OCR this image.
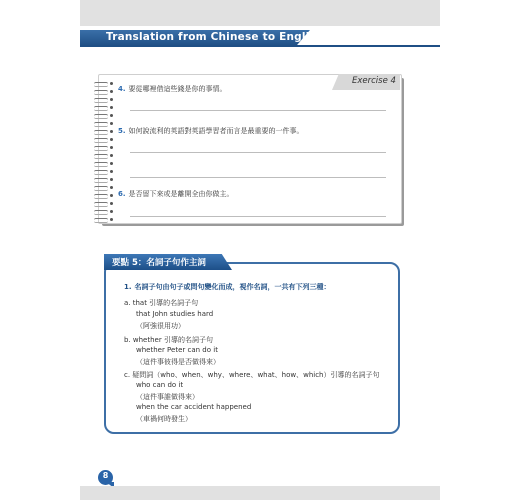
Translation from Chinese to English
Exercise 4
4. 要從哪裡借這些錢是你的事情。
5. 如何說流利的英語對英語學習者而言是最重要的一件事。
6. 是否留下來或是離開全由你做主。
要點 5：名詞子句作主詞
1. 名詞子句由句子或問句變化而成，視作名詞，一共有下列三種：
a. that 引導的名詞子句
that John studies hard
（阿強很用功）
b. whether 引導的名詞子句
whether Peter can do it
（這件事彼得是否做得來）
c. 疑問詞（who、when、why、where、what、how、which）引導的名詞子句
who can do it
（這件事誰做得來）
when the car accident happened
（車禍何時發生）
8
